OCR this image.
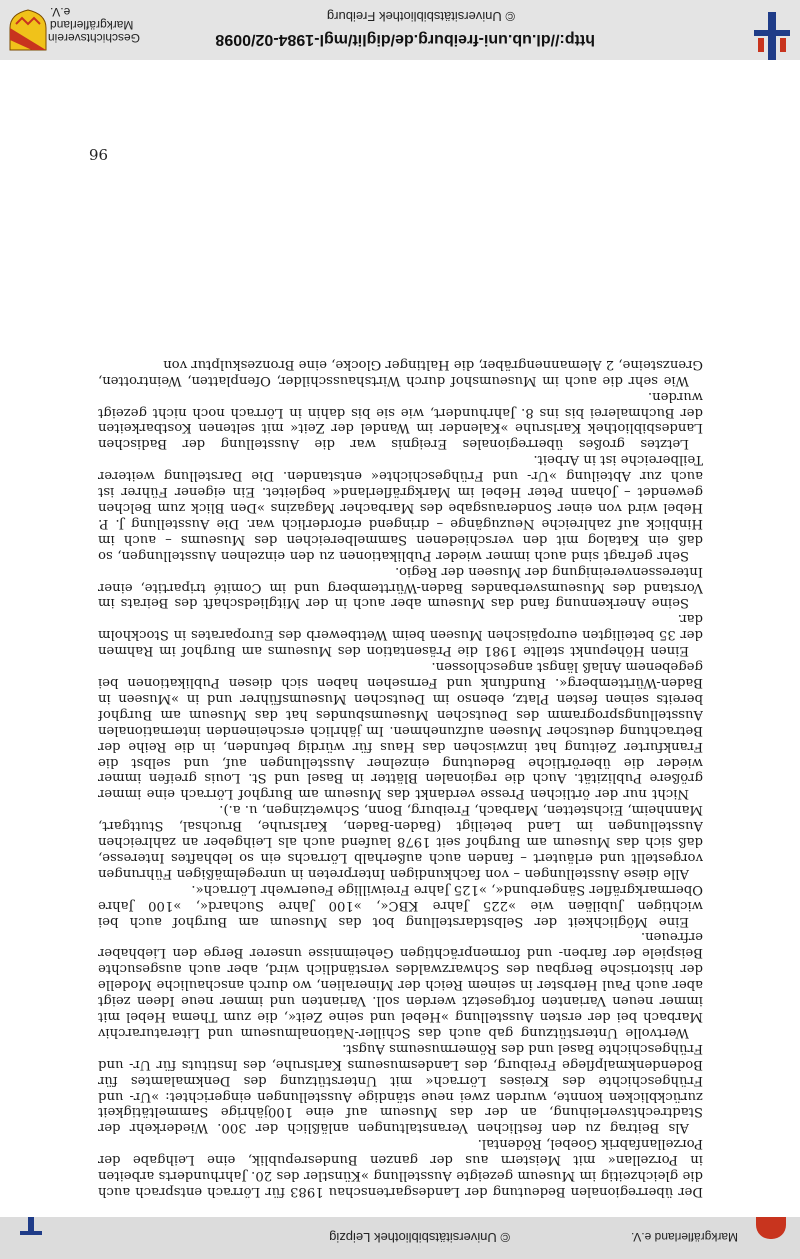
© Universitätsbibliothek Leipzig	Markgräflerland e.V.

Der überregionalen Bedeutung der Landesgartenschau 1983 für Lörrach entsprach auch die gleichzeitig im Museum gezeigte Ausstellung »Künstler des 20. Jahrhunderts arbeiten in Porzellan« mit Meistern aus der ganzen Bundesrepublik, eine Leihgabe der Porzellanfabrik Goebel, Rödental.

Als Beitrag zu den festlichen Veranstaltungen anläßlich der 300. Wiederkehr der Stadtrechtsverleihung, an der das Museum auf eine 100jährige Sammeltätigkeit zurückblicken konnte, wurden zwei neue ständige Ausstellungen eingerichtet: »Ur- und Frühgeschichte des Kreises Lörrach« mit Unterstützung des Denkmalamtes für Bodendenkmalpflege Freiburg, des Landesmuseums Karlsruhe, des Instituts für Ur- und Frühgeschichte Basel und des Römermuseums Augst.

Wertvolle Unterstützung gab auch das Schiller-Nationalmuseum und Literaturarchiv Marbach bei der ersten Ausstellung »Hebel und seine Zeit«, die zum Thema Hebel mit immer neuen Varianten fortgesetzt werden soll. Varianten und immer neue Ideen zeigt aber auch Paul Herbster in seinem Reich der Mineralien, wo durch anschauliche Modelle der historische Bergbau des Schwarzwaldes verständlich wird, aber auch ausgesuchte Beispiele der farben- und formenprächtigen Geheimnisse unserer Berge den Liebhaber erfreuen.

Eine Möglichkeit der Selbstdarstellung bot das Museum am Burghof auch bei wichtigen Jubiläen wie »225 Jahre KBC«, »100 Jahre Suchard«, »100 Jahre Obermarkgräfler Sängerbund«, »125 Jahre Freiwillige Feuerwehr Lörrach«.

Alle diese Ausstellungen – von fachkundigen Interpreten in unregelmäßigen Führungen vorgestellt und erläutert – fanden auch außerhalb Lörrachs ein so lebhaftes Interesse, daß sich das Museum am Burghof seit 1978 laufend auch als Leihgeber an zahlreichen Ausstellungen im Land beteiligt (Baden-Baden, Karlsruhe, Bruchsal, Stuttgart, Mannheim, Eichstetten, Marbach, Freiburg, Bonn, Schwetzingen, u. a.).

Nicht nur der örtlichen Presse verdankt das Museum am Burghof Lörrach eine immer größere Publizität. Auch die regionalen Blätter in Basel und St. Louis greifen immer wieder die überörtliche Bedeutung einzelner Ausstellungen auf, und selbst die Frankfurter Zeitung hat inzwischen das Haus für würdig befunden, in die Reihe der Betrachtung deutscher Museen aufzunehmen. Im jährlich erscheinenden internationalen Ausstellungsprogramm des Deutschen Museumsbundes hat das Museum am Burghof bereits seinen festen Platz, ebenso im Deutschen Museumsführer und in »Museen in Baden-Württemberg«. Rundfunk und Fernsehen haben sich diesen Publikationen bei gegebenem Anlaß längst angeschlossen.

Einen Höhepunkt stellte 1981 die Präsentation des Museums am Burghof im Rahmen der 35 beteiligten europäischen Museen beim Wettbewerb des Europarates in Stockholm dar.

Seine Anerkennung fand das Museum aber auch in der Mitgliedschaft des Beirats im Vorstand des Museumsverbandes Baden-Württemberg und im Comité tripartite, einer Interessenvereinigung der Museen der Regio.

Sehr gefragt sind auch immer wieder Publikationen zu den einzelnen Ausstellungen, so daß ein Katalog mit den verschiedenen Sammelbereichen des Museums – auch im Hinblick auf zahlreiche Neuzugänge – dringend erforderlich war. Die Ausstellung J. P. Hebel wird von einer Sonderausgabe des Marbacher Magazins »Den Blick zum Belchen gewendet – Johann Peter Hebel im Markgräflerland« begleitet. Ein eigener Führer ist auch zur Abteilung »Ur- und Frühgeschichte« entstanden. Die Darstellung weiterer Teilbereiche ist in Arbeit.

Letztes großes überregionales Ereignis war die Ausstellung der Badischen Landesbibliothek Karlsruhe »Kalender im Wandel der Zeit« mit seltenen Kostbarkeiten der Buchmalerei bis ins 8. Jahrhundert, wie sie bis dahin in Lörrach noch nicht gezeigt wurden.

Wie sehr die auch im Museumshof durch Wirtshausschilder, Ofenplatten, Weintrotten, Grenzsteine, 2 Alemannengräber, die Haltinger Glocke, eine Bronzeskulptur von

96
http://dl.ub.uni-freiburg.de/diglit/mgl-1984-02/0098
© Universitätsbibliothek Freiburg
Geschichtsverein
Markgräflerland e.V.
